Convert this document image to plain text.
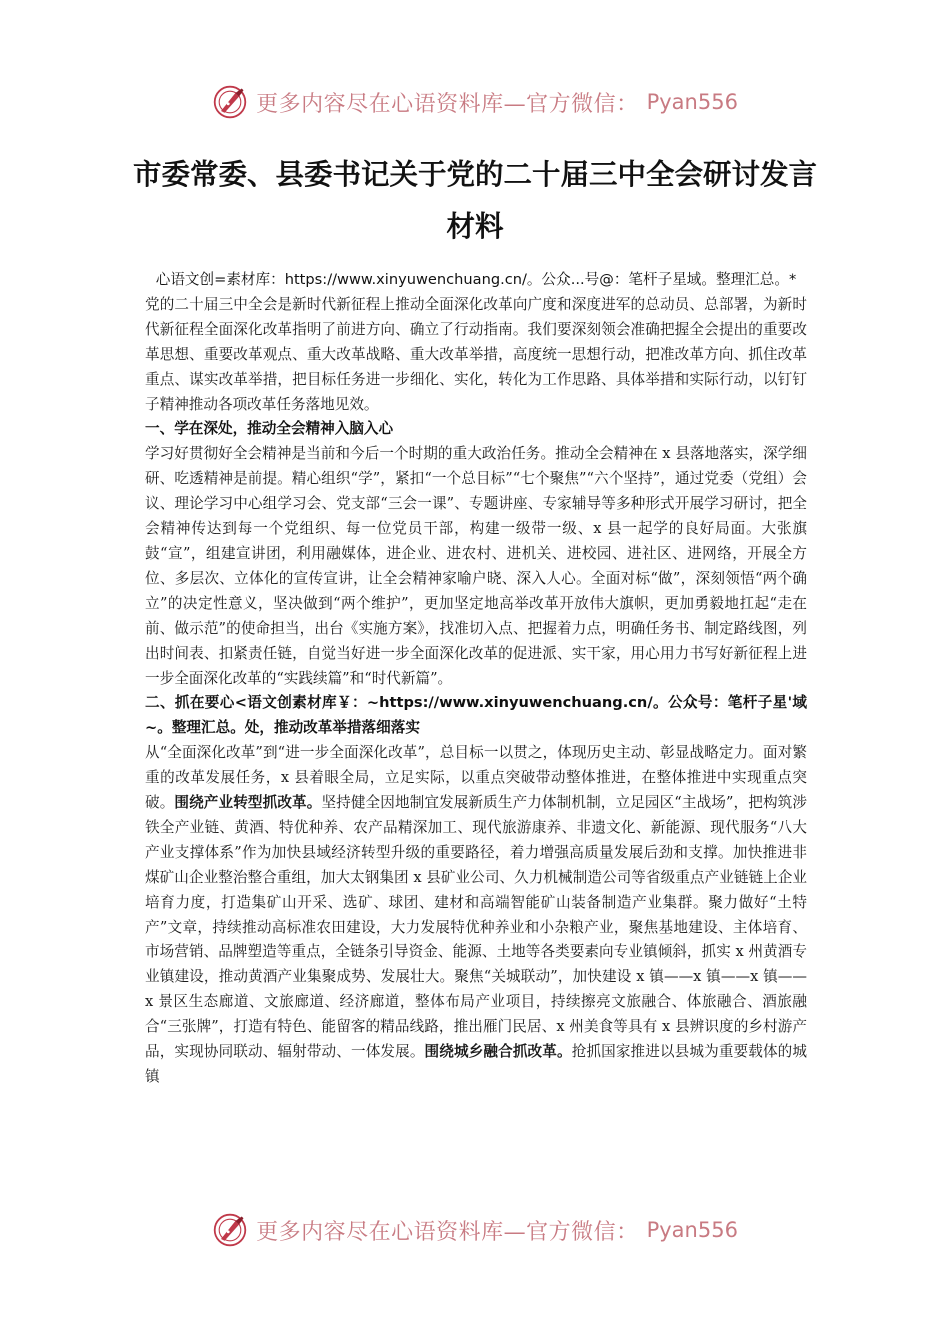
更多内容尽在心语资料库—官方微信： Pyan556
市委常委、县委书记关于党的二十届三中全会研讨发言材料

心语文创=素材库：https://www.xinyuwenchuang.cn/。公众...号@：笔杆子星域。整理汇总。*

党的二十届三中全会是新时代新征程上推动全面深化改革向广度和深度进军的总动员、总部署，为新时代新征程全面深化改革指明了前进方向、确立了行动指南。我们要深刻领会准确把握全会提出的重要改革思想、重要改革观点、重大改革战略、重大改革举措，高度统一思想行动，把准改革方向、抓住改革重点、谋实改革举措，把目标任务进一步细化、实化，转化为工作思路、具体举措和实际行动，以钉钉子精神推动各项改革任务落地见效。

一、学在深处，推动全会精神入脑入心

学习好贯彻好全会精神是当前和今后一个时期的重大政治任务。推动全会精神在 x 县落地落实，深学细研、吃透精神是前提。精心组织“学”，紧扣“一个总目标”“七个聚焦”“六个坚持”，通过党委（党组）会议、理论学习中心组学习会、党支部“三会一课”、专题讲座、专家辅导等多种形式开展学习研讨，把全会精神传达到每一个党组织、每一位党员干部，构建一级带一级、x 县一起学的良好局面。大张旗鼓“宣”，组建宣讲团，利用融媒体，进企业、进农村、进机关、进校园、进社区、进网络，开展全方位、多层次、立体化的宣传宣讲，让全会精神家喻户晓、深入人心。全面对标“做”，深刻领悟“两个确立”的决定性意义，坚决做到“两个维护”，更加坚定地高举改革开放伟大旗帜，更加勇毅地扛起“走在前、做示范”的使命担当，出台《实施方案》，找准切入点、把握着力点，明确任务书、制定路线图，列出时间表、扣紧责任链，自觉当好进一步全面深化改革的促进派、实干家，用心用力书写好新征程上进一步全面深化改革的“实践续篇”和“时代新篇”。

二、抓在要心<语文创素材库￥：~https://www.xinyuwenchuang.cn/。公众号：笔杆子星'域~。整理汇总。处，推动改革举措落细落实

从“全面深化改革”到“进一步全面深化改革”，总目标一以贯之，体现历史主动、彰显战略定力。面对繁重的改革发展任务，x 县着眼全局，立足实际，以重点突破带动整体推进，在整体推进中实现重点突破。围绕产业转型抓改革。坚持健全因地制宜发展新质生产力体制机制，立足园区“主战场”，把构筑涉铁全产业链、黄酒、特优种养、农产品精深加工、现代旅游康养、非遗文化、新能源、现代服务“八大产业支撑体系”作为加快县域经济转型升级的重要路径，着力增强高质量发展后劲和支撑。加快推进非煤矿山企业整治整合重组，加大太钢集团 x 县矿业公司、久力机械制造公司等省级重点产业链链上企业培育力度，打造集矿山开采、选矿、球团、建材和高端智能矿山装备制造产业集群。聚力做好“土特产”文章，持续推动高标准农田建设，大力发展特优种养业和小杂粮产业，聚焦基地建设、主体培育、市场营销、品牌塑造等重点，全链条引导资金、能源、土地等各类要素向专业镇倾斜，抓实 x 州黄酒专业镇建设，推动黄酒产业集聚成势、发展壮大。聚焦“关城联动”，加快建设 x 镇——x 镇——x 镇——x 景区生态廊道、文旅廊道、经济廊道，整体布局产业项目，持续擦亮文旅融合、体旅融合、酒旅融合“三张牌”，打造有特色、能留客的精品线路，推出雁门民居、x 州美食等具有 x 县辨识度的乡村游产品，实现协同联动、辐射带动、一体发展。围绕城乡融合抓改革。抢抓国家推进以县城为重要载体的城镇

更多内容尽在心语资料库—官方微信： Pyan556
